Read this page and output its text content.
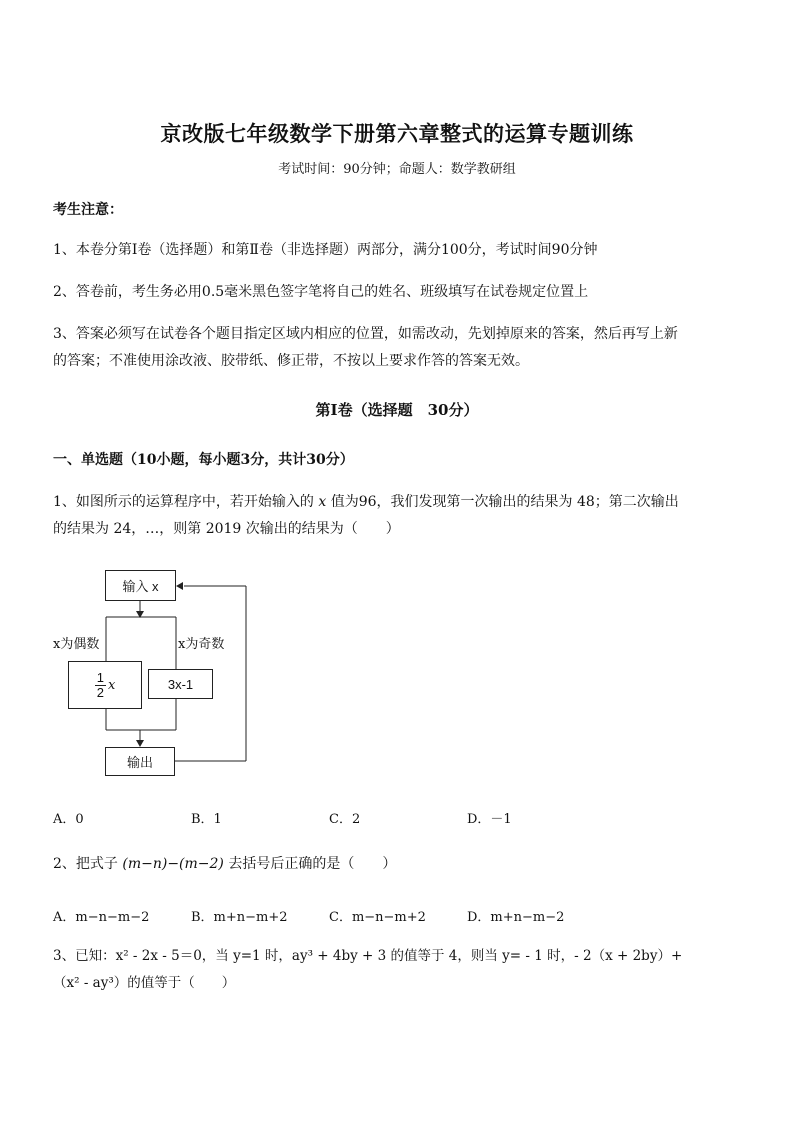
京改版七年级数学下册第六章整式的运算专题训练
考试时间：90分钟；命题人：数学教研组
考生注意：
1、本卷分第Ⅰ卷（选择题）和第Ⅱ卷（非选择题）两部分，满分100分，考试时间90分钟
2、答卷前，考生务必用0.5毫米黑色签字笔将自己的姓名、班级填写在试卷规定位置上
3、答案必须写在试卷各个题目指定区域内相应的位置，如需改动，先划掉原来的答案，然后再写上新
的答案；不准使用涂改液、胶带纸、修正带，不按以上要求作答的答案无效。
第Ⅰ卷（选择题　30分）
一、单选题（10小题，每小题3分，共计30分）
1、如图所示的运算程序中，若开始输入的 x 值为96，我们发现第一次输出的结果为 48；第二次输出
的结果为 24，…，则第 2019 次输出的结果为（　　）
输入 x
x为偶数	x为奇数
$\frac{1}{2}$ x	3x-1
输出
A．0	B．1	C．2	D．－1
2、把式子 (m−n)−(m−2) 去括号后正确的是（　　）
A．m−n−m−2	B．m+n−m+2	C．m−n−m+2	D．m+n−m−2
3、已知：x² - 2x - 5＝0，当 y=1 时，ay³ + 4by + 3 的值等于 4，则当 y= - 1 时，- 2（x + 2by）+
（x² - ay³）的值等于（　　）
